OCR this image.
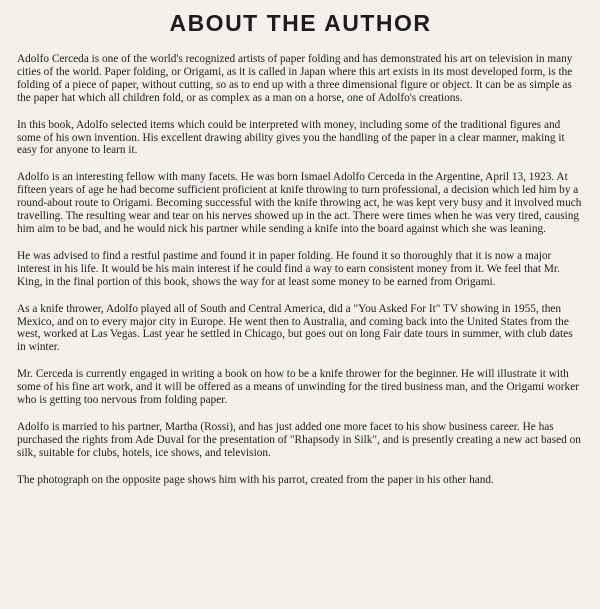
ABOUT THE AUTHOR

Adolfo Cerceda is one of the world's recognized artists of paper folding and has demonstrated his art on television in many cities of the world. Paper folding, or Origami, as it is called in Japan where this art exists in its most developed form, is the folding of a piece of paper, without cutting, so as to end up with a three dimensional figure or object. It can be as simple as the paper hat which all children fold, or as complex as a man on a horse, one of Adolfo's creations.

In this book, Adolfo selected items which could be interpreted with money, including some of the traditional figures and some of his own invention. His excellent drawing ability gives you the handling of the paper in a clear manner, making it easy for anyone to learn it.

Adolfo is an interesting fellow with many facets. He was born Ismael Adolfo Cerceda in the Argentine, April 13, 1923. At fifteen years of age he had become sufficient proficient at knife throwing to turn professional, a decision which led him by a round-about route to Origami. Becoming successful with the knife throwing act, he was kept very busy and it involved much travelling. The resulting wear and tear on his nerves showed up in the act. There were times when he was very tired, causing him aim to be bad, and he would nick his partner while sending a knife into the board against which she was leaning.

He was advised to find a restful pastime and found it in paper folding. He found it so thoroughly that it is now a major interest in his life. It would be his main interest if he could find a way to earn consistent money from it. We feel that Mr. King, in the final portion of this book, shows the way for at least some money to be earned from Origami.

As a knife thrower, Adolfo played all of South and Central America, did a "You Asked For It" TV showing in 1955, then Mexico, and on to every major city in Europe. He went then to Australia, and coming back into the United States from the west, worked at Las Vegas. Last year he settled in Chicago, but goes out on long Fair date tours in summer, with club dates in winter.

Mr. Cerceda is currently engaged in writing a book on how to be a knife thrower for the beginner. He will illustrate it with some of his fine art work, and it will be offered as a means of unwinding for the tired business man, and the Origami worker who is getting too nervous from folding paper.

Adolfo is married to his partner, Martha (Rossi), and has just added one more facet to his show business career. He has purchased the rights from Ade Duval for the presentation of "Rhapsody in Silk", and is presently creating a new act based on silk, suitable for clubs, hotels, ice shows, and television.

The photograph on the opposite page shows him with his parrot, created from the paper in his other hand.
